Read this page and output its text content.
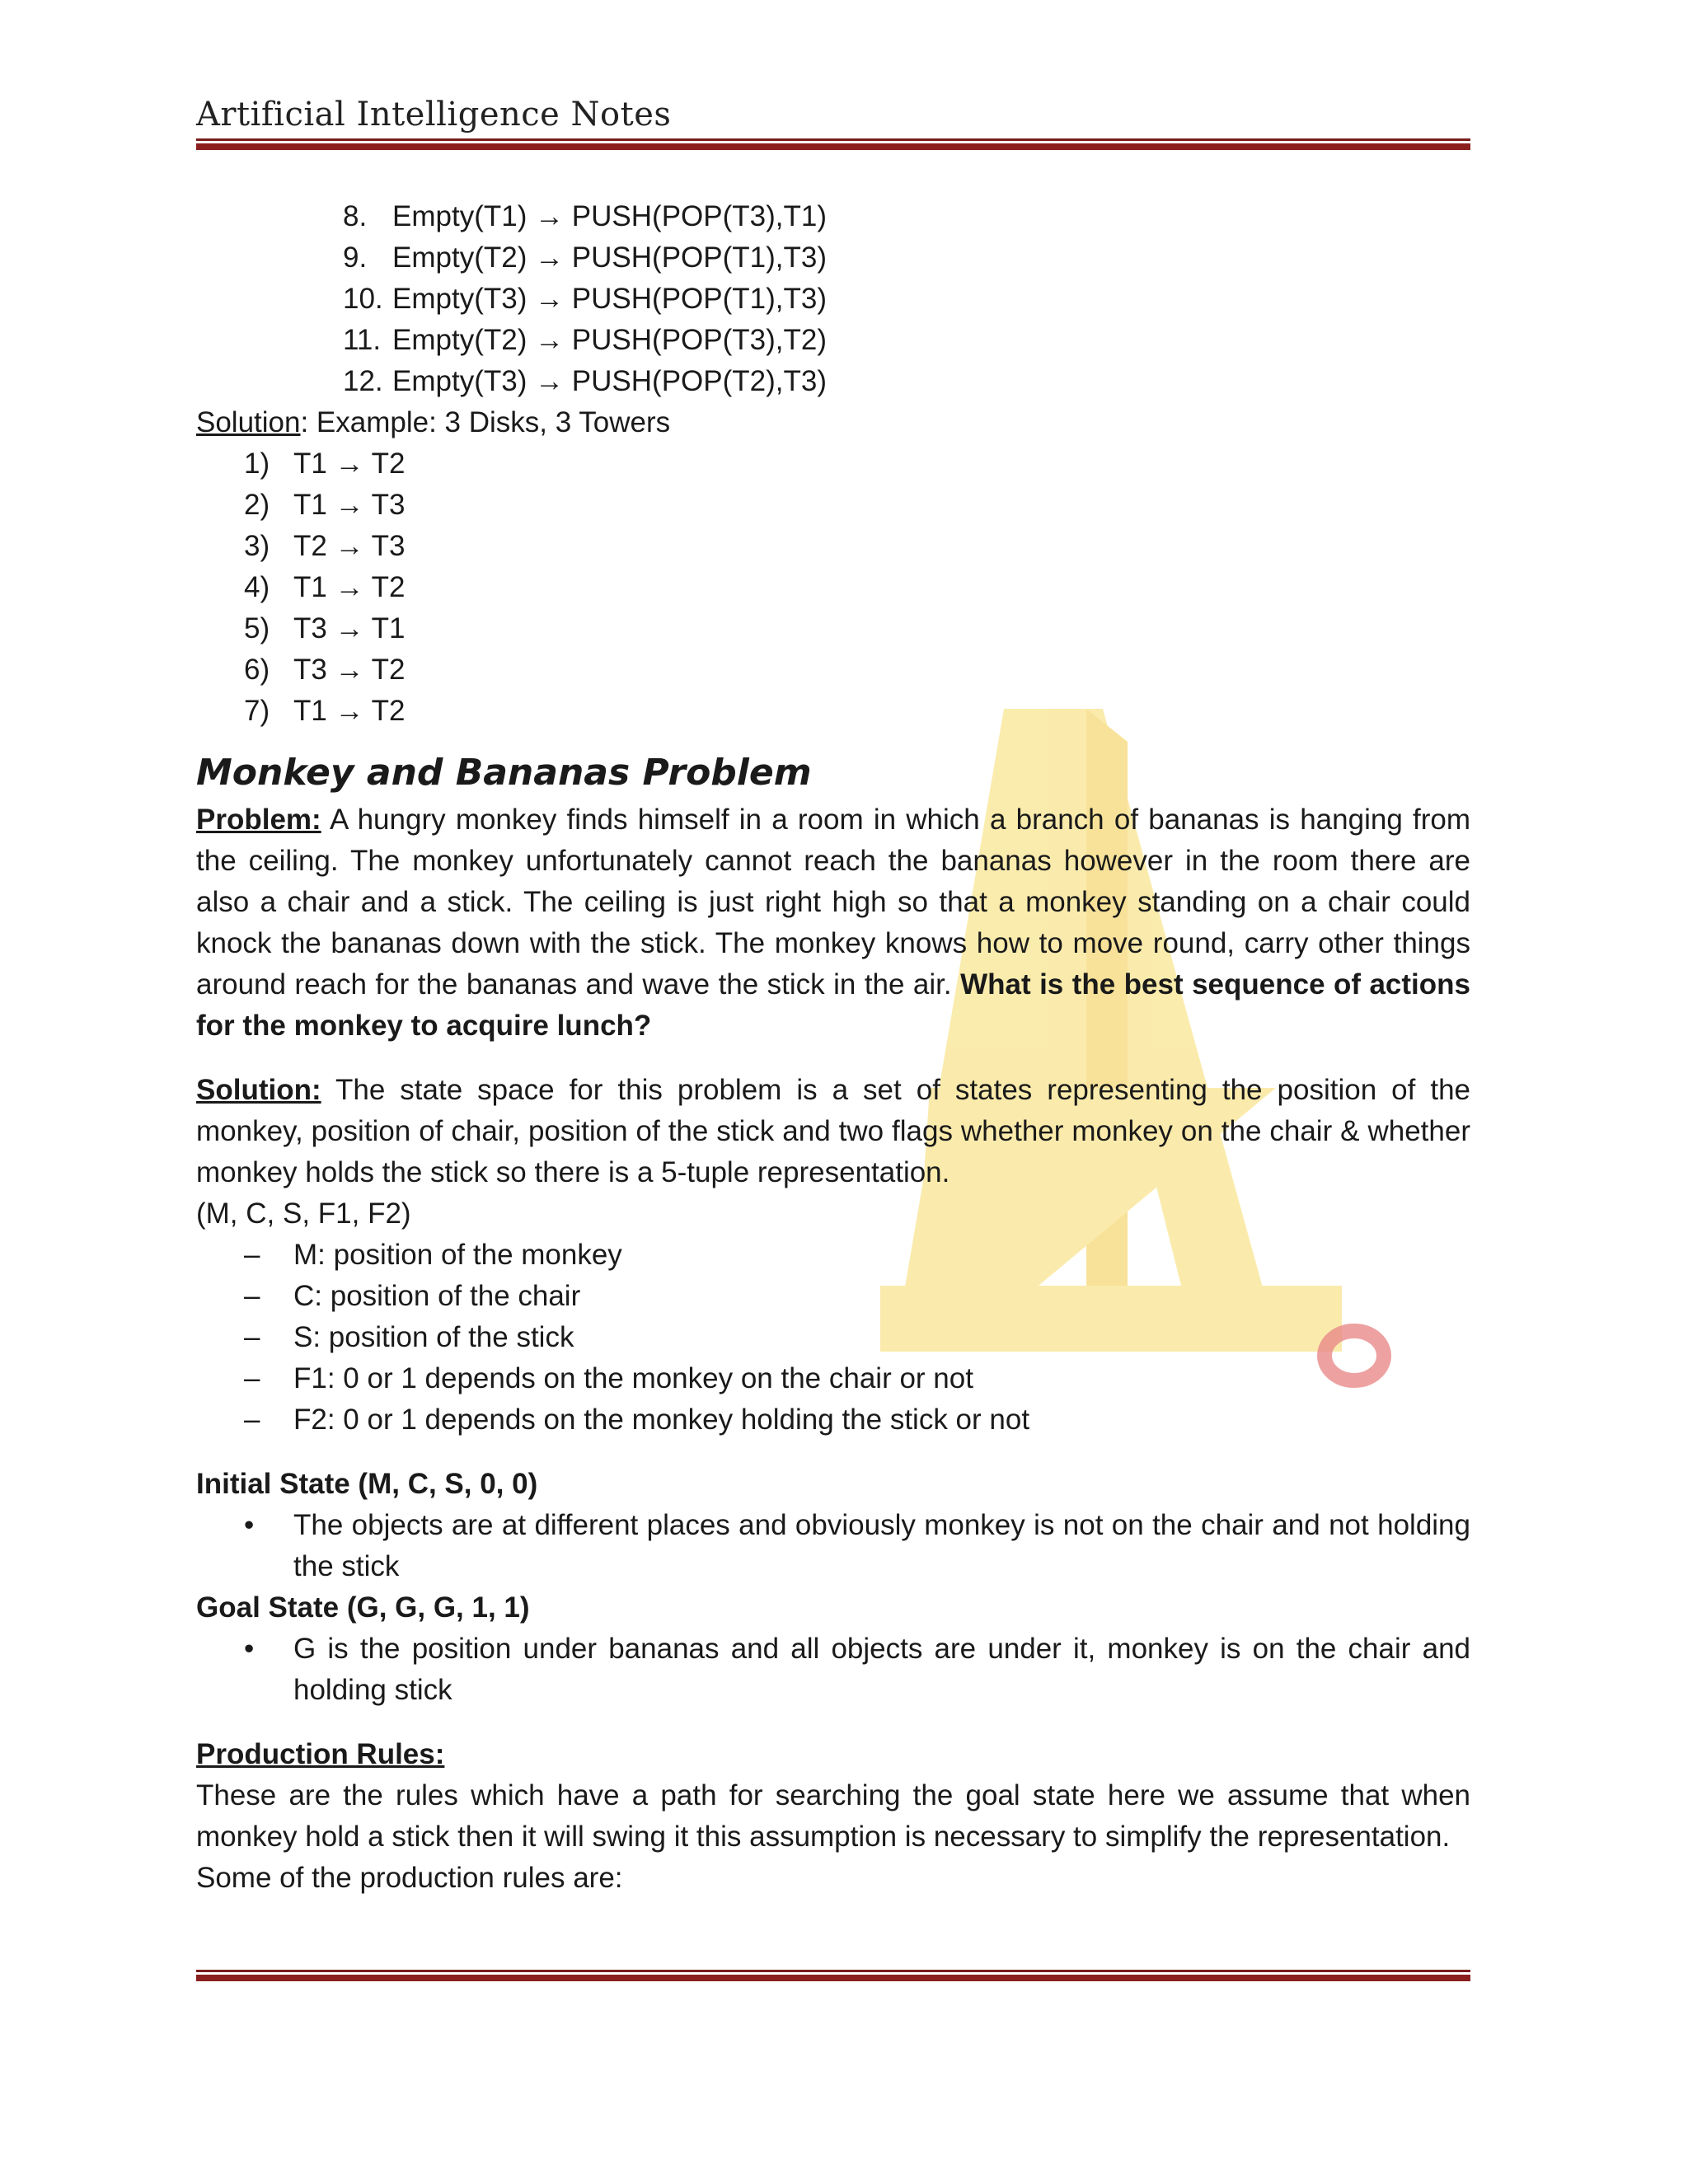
Artificial Intelligence Notes
8. Empty(T1) → PUSH(POP(T3),T1)
9. Empty(T2) → PUSH(POP(T1),T3)
10. Empty(T3) → PUSH(POP(T1),T3)
11. Empty(T2) → PUSH(POP(T3),T2)
12. Empty(T3) → PUSH(POP(T2),T3)
Solution: Example: 3 Disks, 3 Towers
1) T1 → T2
2) T1 → T3
3) T2 → T3
4) T1 → T2
5) T3 → T1
6) T3 → T2
7) T1 → T2
Monkey and Bananas Problem

Problem: A hungry monkey finds himself in a room in which a branch of bananas is hanging from the ceiling. The monkey unfortunately cannot reach the bananas however in the room there are also a chair and a stick. The ceiling is just right high so that a monkey standing on a chair could knock the bananas down with the stick. The monkey knows how to move round, carry other things around reach for the bananas and wave the stick in the air. What is the best sequence of actions for the monkey to acquire lunch?

Solution: The state space for this problem is a set of states representing the position of the monkey, position of chair, position of the stick and two flags whether monkey on the chair & whether monkey holds the stick so there is a 5-tuple representation.

(M, C, S, F1, F2)
– M: position of the monkey
– C: position of the chair
– S: position of the stick
– F1: 0 or 1 depends on the monkey on the chair or not
– F2: 0 or 1 depends on the monkey holding the stick or not
Initial State (M, C, S, 0, 0)
• The objects are at different places and obviously monkey is not on the chair and not holding the stick

Goal State (G, G, G, 1, 1)
• G is the position under bananas and all objects are under it, monkey is on the chair and holding stick

Production Rules:

These are the rules which have a path for searching the goal state here we assume that when monkey hold a stick then it will swing it this assumption is necessary to simplify the representation.

Some of the production rules are:
